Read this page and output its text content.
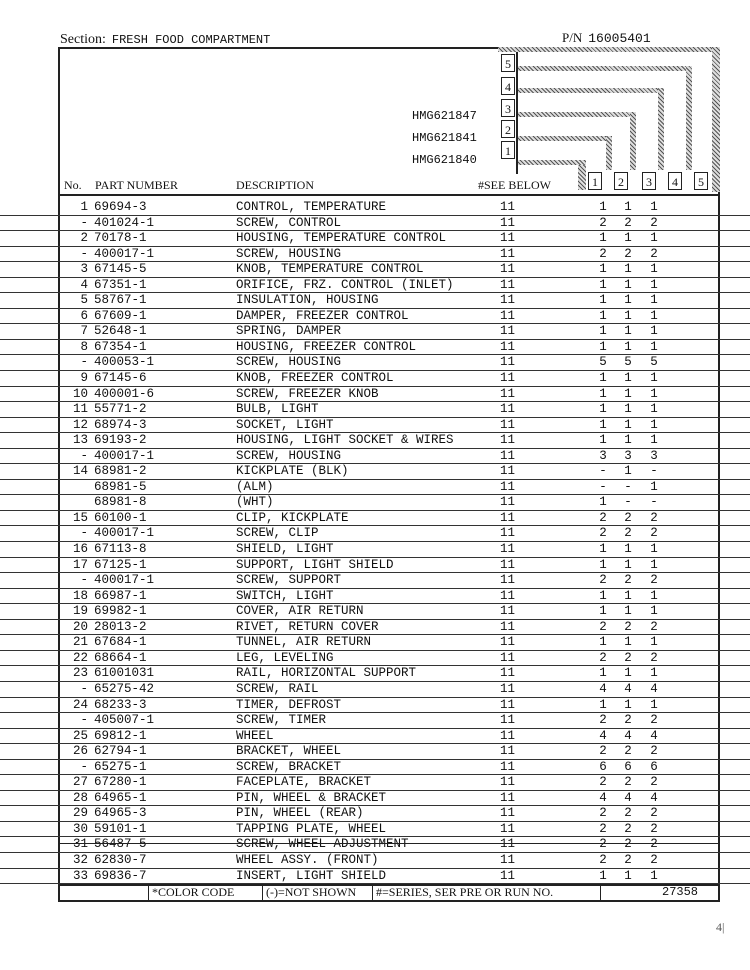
Section: FRESH FOOD COMPARTMENT	P/N 16005401
5
4
3
2
1
1	2	3	4	5
HMG621847
HMG621841
HMG621840
No. PART NUMBER	DESCRIPTION	#SEE BELOW
1 69694-3	CONTROL, TEMPERATURE	11	1 1 1
- 401024-1	SCREW, CONTROL	11	2 2 2
2 70178-1	HOUSING, TEMPERATURE CONTROL	11	1 1 1
- 400017-1	SCREW, HOUSING	11	2 2 2
3 67145-5	KNOB, TEMPERATURE CONTROL	11	1 1 1
4 67351-1	ORIFICE, FRZ. CONTROL (INLET)	11	1 1 1
5 58767-1	INSULATION, HOUSING	11	1 1 1
6 67609-1	DAMPER, FREEZER CONTROL	11	1 1 1
7 52648-1	SPRING, DAMPER	11	1 1 1
8 67354-1	HOUSING, FREEZER CONTROL	11	1 1 1
- 400053-1	SCREW, HOUSING	11	5 5 5
9 67145-6	KNOB, FREEZER CONTROL	11	1 1 1
10 400001-6	SCREW, FREEZER KNOB	11	1 1 1
11 55771-2	BULB, LIGHT	11	1 1 1
12 68974-3	SOCKET, LIGHT	11	1 1 1
13 69193-2	HOUSING, LIGHT SOCKET & WIRES	11	1 1 1
- 400017-1	SCREW, HOUSING	11	3 3 3
14 68981-2	KICKPLATE (BLK)	11	- 1 -
68981-5	(ALM)	11	- - 1
68981-8	(WHT)	11	1 - -
15 60100-1	CLIP, KICKPLATE	11	2 2 2
- 400017-1	SCREW, CLIP	11	2 2 2
16 67113-8	SHIELD, LIGHT	11	1 1 1
17 67125-1	SUPPORT, LIGHT SHIELD	11	1 1 1
- 400017-1	SCREW, SUPPORT	11	2 2 2
18 66987-1	SWITCH, LIGHT	11	1 1 1
19 69982-1	COVER, AIR RETURN	11	1 1 1
20 28013-2	RIVET, RETURN COVER	11	2 2 2
21 67684-1	TUNNEL, AIR RETURN	11	1 1 1
22 68664-1	LEG, LEVELING	11	2 2 2
23 61001031	RAIL, HORIZONTAL SUPPORT	11	1 1 1
- 65275-42	SCREW, RAIL	11	4 4 4
24 68233-3	TIMER, DEFROST	11	1 1 1
- 405007-1	SCREW, TIMER	11	2 2 2
25 69812-1	WHEEL	11	4 4 4
26 62794-1	BRACKET, WHEEL	11	2 2 2
- 65275-1	SCREW, BRACKET	11	6 6 6
27 67280-1	FACEPLATE, BRACKET	11	2 2 2
28 64965-1	PIN, WHEEL & BRACKET	11	4 4 4
29 64965-3	PIN, WHEEL (REAR)	11	2 2 2
30 59101-1	TAPPING PLATE, WHEEL	11	2 2 2
31 56487-5	SCREW, WHEEL ADJUSTMENT	11	2 2 2
32 62830-7	WHEEL ASSY. (FRONT)	11	2 2 2
33 69836-7	INSERT, LIGHT SHIELD	11	1 1 1
*COLOR CODE	(-)=NOT SHOWN #=SERIES, SER PRE OR RUN NO.	27358
4|
